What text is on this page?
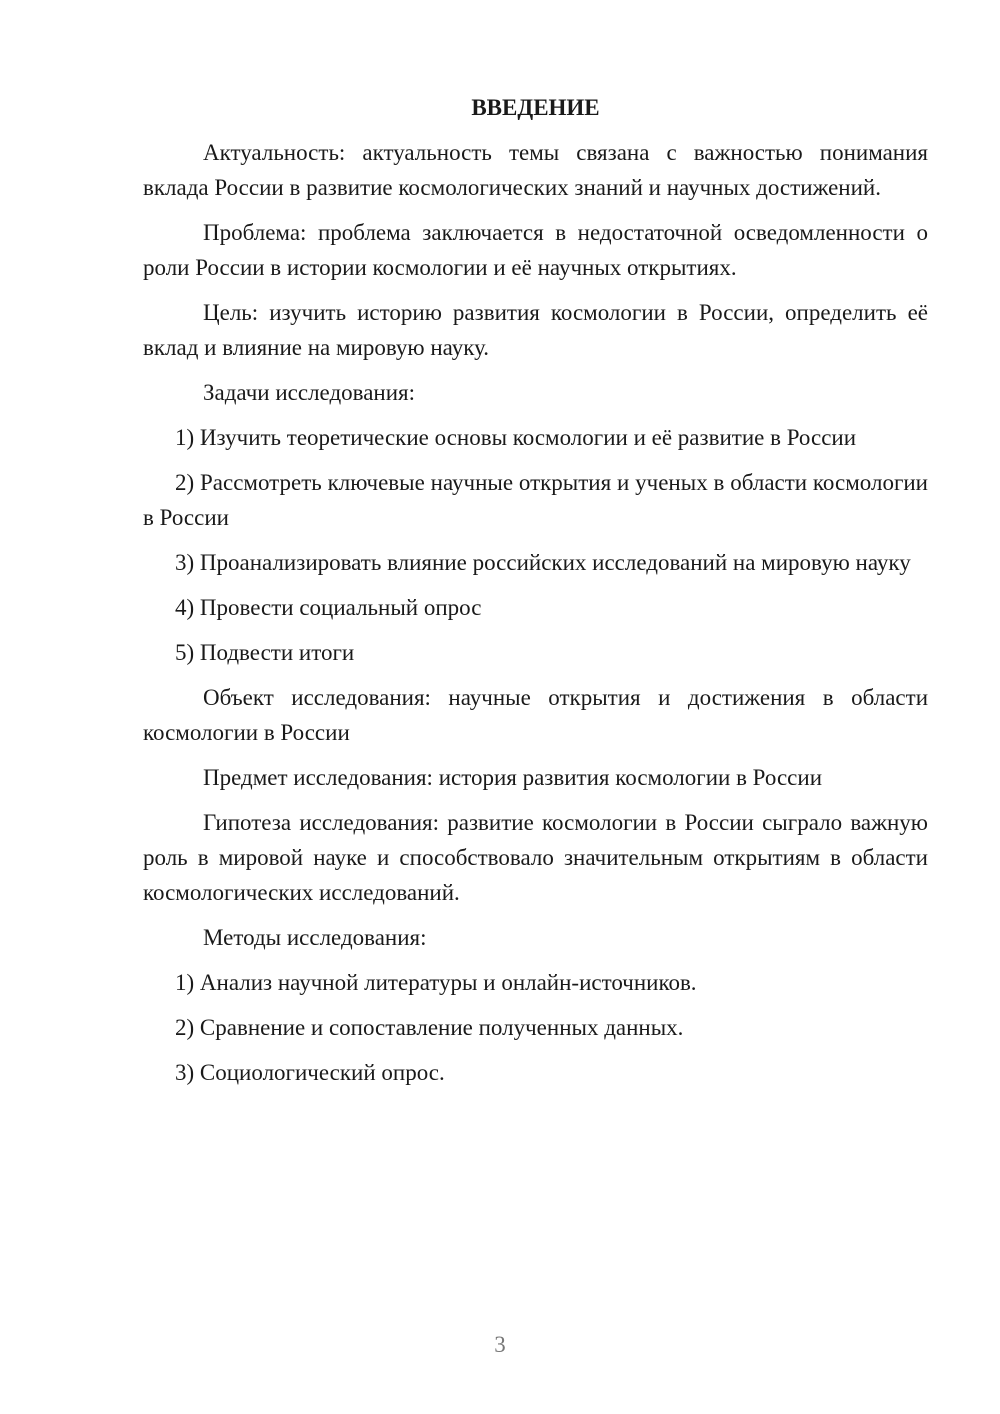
ВВЕДЕНИЕ
Актуальность: актуальность темы связана с важностью понимания вклада России в развитие космологических знаний и научных достижений.
Проблема: проблема заключается в недостаточной осведомленности о роли России в истории космологии и её научных открытиях.
Цель: изучить историю развития космологии в России, определить её вклад и влияние на мировую науку.
Задачи исследования:
1) Изучить теоретические основы космологии и её развитие в России
2) Рассмотреть ключевые научные открытия и ученых в области космологии в России
3) Проанализировать влияние российских исследований на мировую науку
4) Провести социальный опрос
5) Подвести итоги
Объект исследования: научные открытия и достижения в области космологии в России
Предмет исследования: история развития космологии в России
Гипотеза исследования: развитие космологии в России сыграло важную роль в мировой науке и способствовало значительным открытиям в области космологических исследований.
Методы исследования:
1) Анализ научной литературы и онлайн-источников.
2) Сравнение и сопоставление полученных данных.
3) Социологический опрос.
3
